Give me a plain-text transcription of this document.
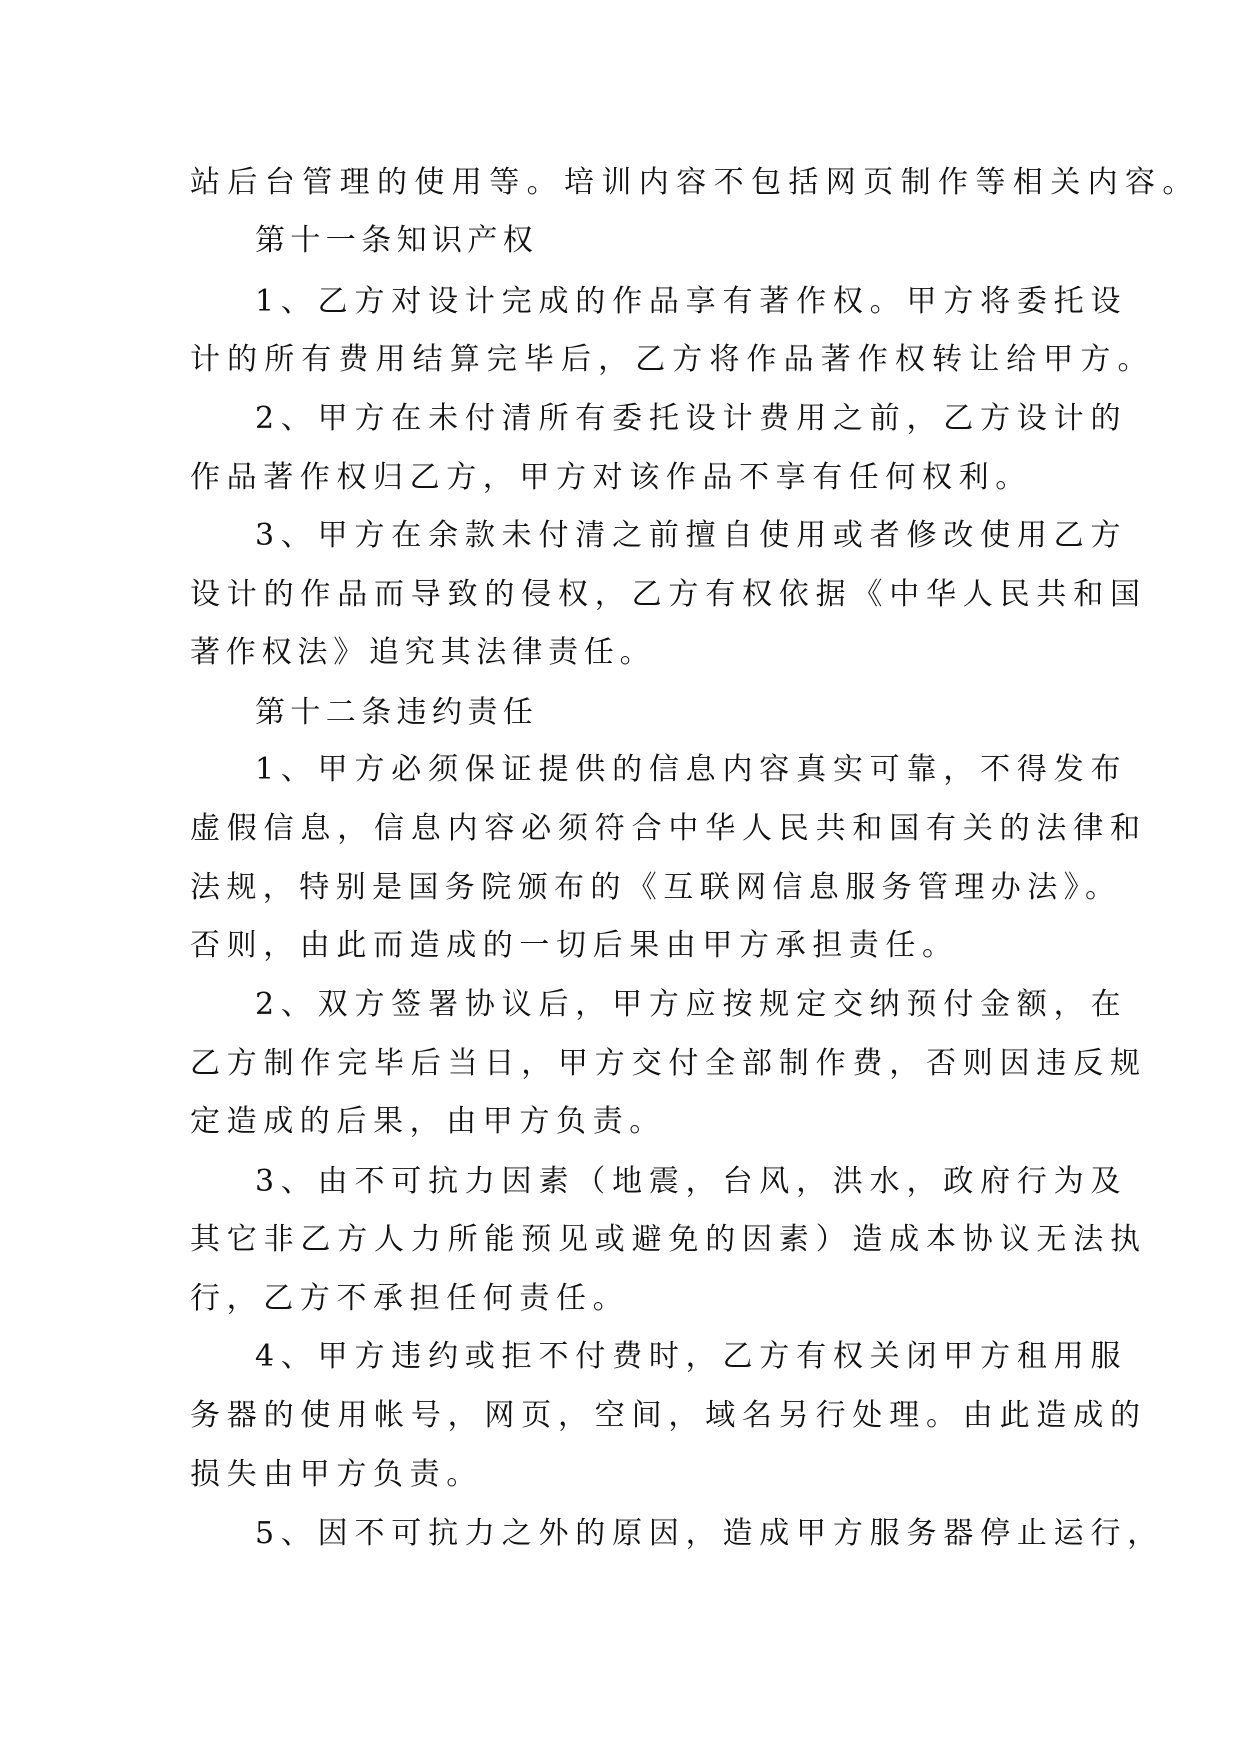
站后台管理的使用等。培训内容不包括网页制作等相关内容。

第十一条知识产权

1、乙方对设计完成的作品享有著作权。甲方将委托设

计的所有费用结算完毕后，乙方将作品著作权转让给甲方。

2、甲方在未付清所有委托设计费用之前，乙方设计的

作品著作权归乙方，甲方对该作品不享有任何权利。

3、甲方在余款未付清之前擅自使用或者修改使用乙方

设计的作品而导致的侵权，乙方有权依据《中华人民共和国

著作权法》追究其法律责任。

第十二条违约责任

1、甲方必须保证提供的信息内容真实可靠，不得发布

虚假信息，信息内容必须符合中华人民共和国有关的法律和

法规，特别是国务院颁布的《互联网信息服务管理办法》。

否则，由此而造成的一切后果由甲方承担责任。

2、双方签署协议后，甲方应按规定交纳预付金额，在

乙方制作完毕后当日，甲方交付全部制作费，否则因违反规

定造成的后果，由甲方负责。

3、由不可抗力因素（地震，台风，洪水，政府行为及

其它非乙方人力所能预见或避免的因素）造成本协议无法执

行，乙方不承担任何责任。

4、甲方违约或拒不付费时，乙方有权关闭甲方租用服

务器的使用帐号，网页，空间，域名另行处理。由此造成的

损失由甲方负责。

5、因不可抗力之外的原因，造成甲方服务器停止运行，
